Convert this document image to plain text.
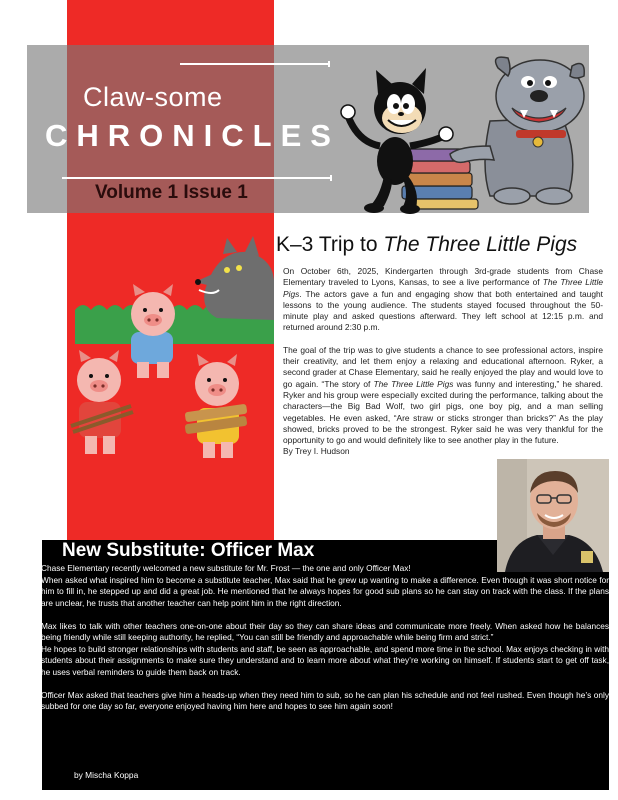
Claw-some
CHRONICLES
Volume 1 Issue 1
K–3 Trip to The Three Little Pigs

On October 6th, 2025, Kindergarten through 3rd-grade students from Chase Elementary traveled to Lyons, Kansas, to see a live performance of The Three Little Pigs. The actors gave a fun and engaging show that both entertained and taught lessons to the young audience. The students stayed focused throughout the 50-minute play and asked questions afterward. They left school at 12:15 p.m. and returned around 2:30 p.m.

The goal of the trip was to give students a chance to see professional actors, inspire their creativity, and let them enjoy a relaxing and educational afternoon. Ryker, a second grader at Chase Elementary, said he really enjoyed the play and would love to go again. “The story of The Three Little Pigs was funny and interesting,” he shared. Ryker and his group were especially excited during the performance, talking about the characters—the Big Bad Wolf, two girl pigs, one boy pig, and a man selling vegetables. He even asked, “Are straw or sticks stronger than bricks?” As the play showed, bricks proved to be the strongest. Ryker said he was very thankful for the opportunity to go and would definitely like to see another play in the future.

By Trey I. Hudson

New Substitute: Officer Max

Chase Elementary recently welcomed a new substitute for Mr. Frost — the one and only Officer Max!

When asked what inspired him to become a substitute teacher, Max said that he grew up wanting to make a difference. Even though it was short notice for him to fill in, he stepped up and did a great job. He mentioned that he always hopes for good sub plans so he can stay on track with the class. If the plans are unclear, he trusts that another teacher can help point him in the right direction.

Max likes to talk with other teachers one-on-one about their day so they can share ideas and communicate more freely. When asked how he balances being friendly while still keeping authority, he replied, “You can still be friendly and approachable while being firm and strict.”

He hopes to build stronger relationships with students and staff, be seen as approachable, and spend more time in the school. Max enjoys checking in with students about their assignments to make sure they understand and to learn more about what they’re working on himself. If students start to get off task, he uses verbal reminders to guide them back on track.

Officer Max asked that teachers give him a heads-up when they need him to sub, so he can plan his schedule and not feel rushed. Even though he’s only subbed for one day so far, everyone enjoyed having him here and hopes to see him again soon!

by Mischa Koppa
